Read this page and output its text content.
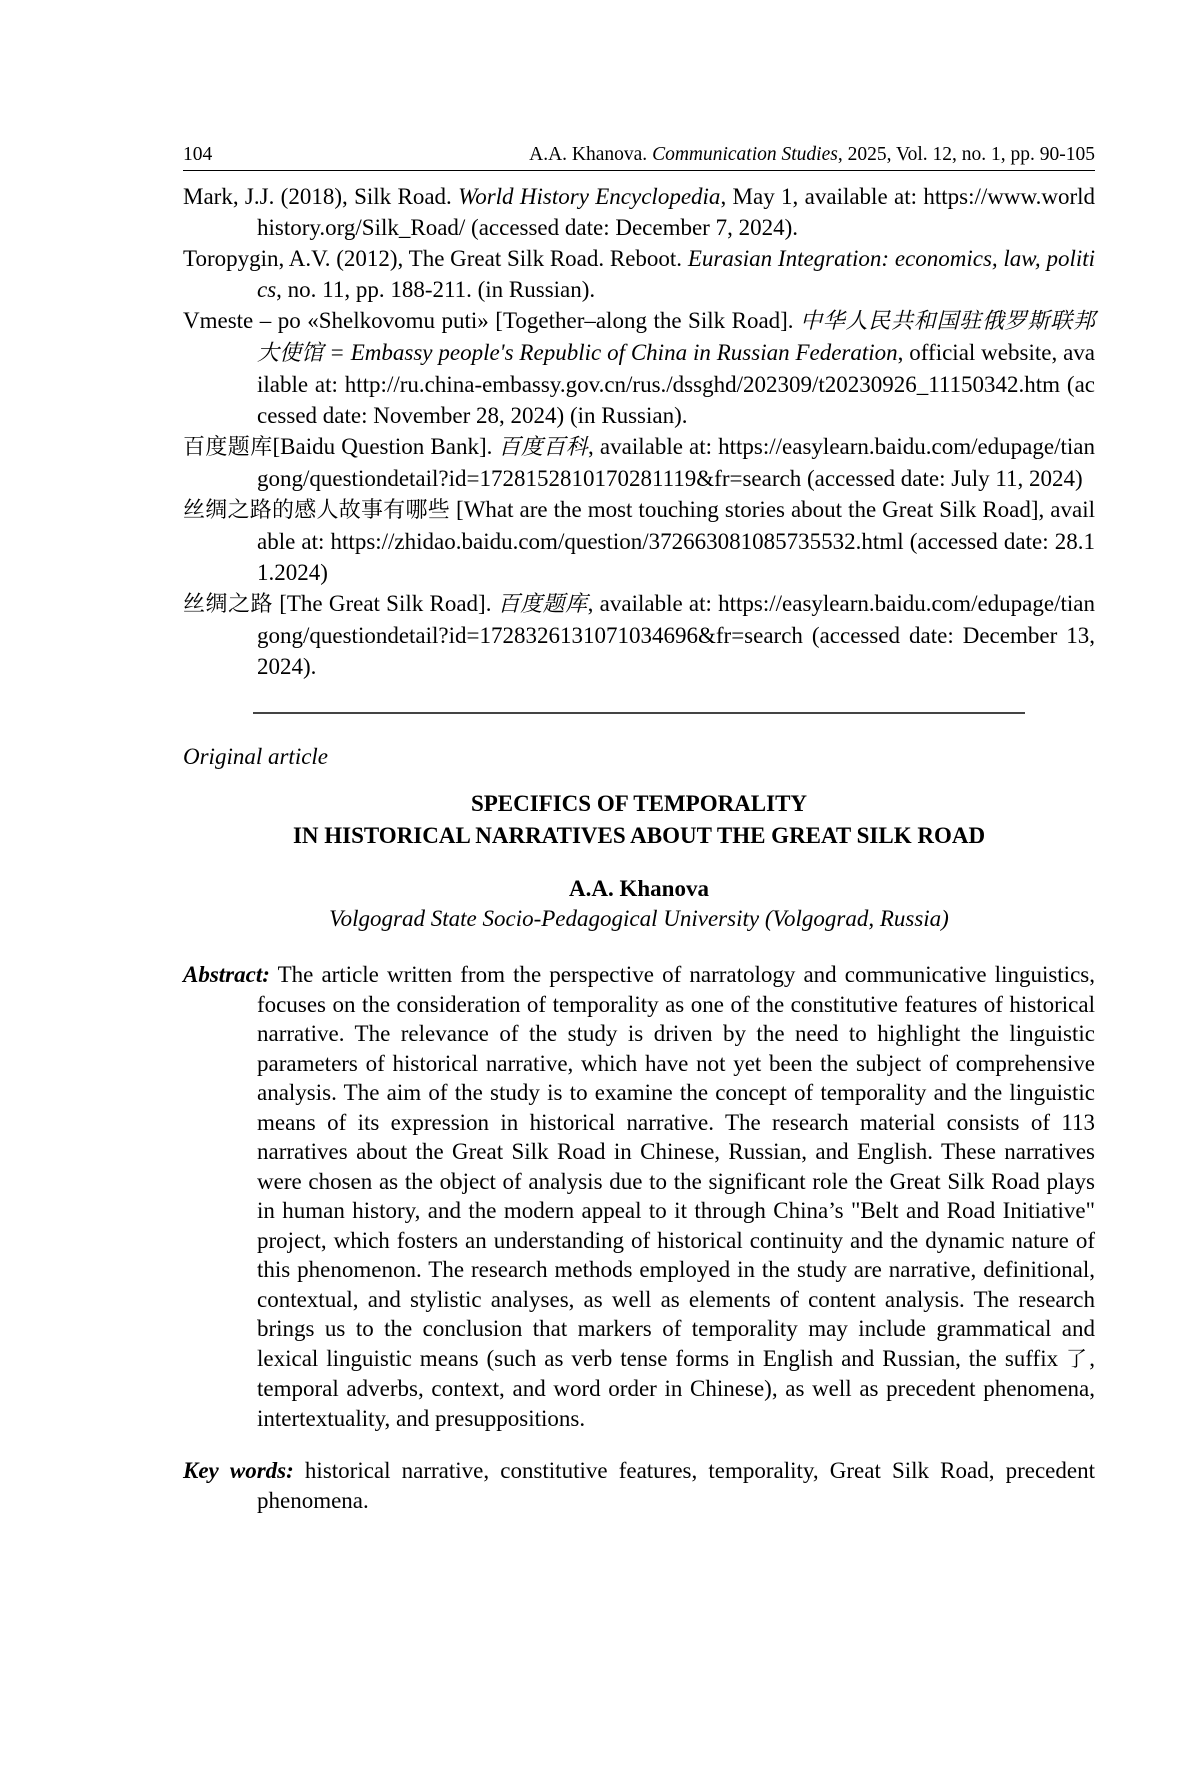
104	A.A. Khanova. Communication Studies, 2025, Vol. 12, no. 1, pp. 90-105

Mark, J.J. (2018), Silk Road. World History Encyclopedia, May 1, available at: https://www.worldhistory.org/Silk_Road/ (accessed date: December 7, 2024).

Toropygin, A.V. (2012), The Great Silk Road. Reboot. Eurasian Integration: economics, law, politics, no. 11, pp. 188-211. (in Russian).

Vmeste – po «Shelkovomu puti» [Together–along the Silk Road]. 中华人民共和国驻俄罗斯联邦大使馆 = Embassy people's Republic of China in Russian Federation, official website, available at: http://ru.china-embassy.gov.cn/rus./dssghd/202309/t20230926_11150342.htm (accessed date: November 28, 2024) (in Russian).

百度题库[Baidu Question Bank]. 百度百科, available at: https://easylearn.baidu.com/edupage/tiangong/questiondetail?id=1728152810170281119&fr=search (accessed date: July 11, 2024)

丝绸之路的感人故事有哪些 [What are the most touching stories about the Great Silk Road], available at: https://zhidao.baidu.com/question/372663081085735532.html (accessed date: 28.11.2024)

丝绸之路 [The Great Silk Road]. 百度题库, available at: https://easylearn.baidu.com/edupage/tiangong/questiondetail?id=1728326131071034696&fr=search (accessed date: December 13, 2024).

Original article
SPECIFICS OF TEMPORALITY
IN HISTORICAL NARRATIVES ABOUT THE GREAT SILK ROAD
A.A. Khanova
Volgograd State Socio-Pedagogical University (Volgograd, Russia)

Abstract: The article written from the perspective of narratology and communicative linguistics, focuses on the consideration of temporality as one of the constitutive features of historical narrative. The relevance of the study is driven by the need to highlight the linguistic parameters of historical narrative, which have not yet been the subject of comprehensive analysis. The aim of the study is to examine the concept of temporality and the linguistic means of its expression in historical narrative. The research material consists of 113 narratives about the Great Silk Road in Chinese, Russian, and English. These narratives were chosen as the object of analysis due to the significant role the Great Silk Road plays in human history, and the modern appeal to it through China’s "Belt and Road Initiative" project, which fosters an understanding of historical continuity and the dynamic nature of this phenomenon. The research methods employed in the study are narrative, definitional, contextual, and stylistic analyses, as well as elements of content analysis. The research brings us to the conclusion that markers of temporality may include grammatical and lexical linguistic means (such as verb tense forms in English and Russian, the suffix 了, temporal adverbs, context, and word order in Chinese), as well as precedent phenomena, intertextuality, and presuppositions.

Key words: historical narrative, constitutive features, temporality, Great Silk Road, precedent phenomena.
